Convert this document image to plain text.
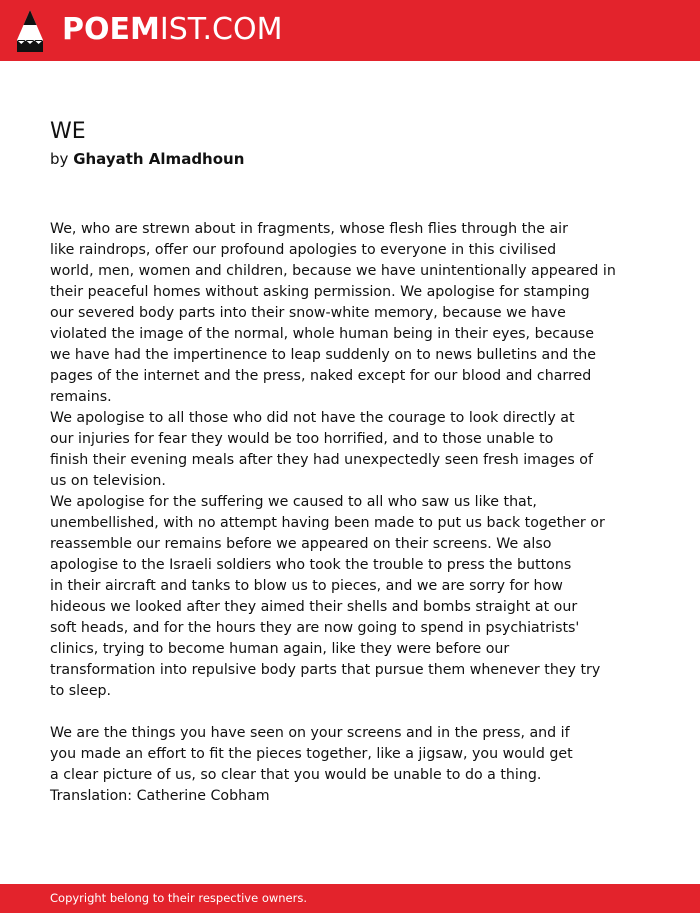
POEMIST.COM
WE
by Ghayath Almadhoun
We, who are strewn about in fragments, whose flesh flies through the air
like raindrops, offer our profound apologies to everyone in this civilised
world, men, women and children, because we have unintentionally appeared in
their peaceful homes without asking permission. We apologise for stamping
our severed body parts into their snow-white memory, because we have
violated the image of the normal, whole human being in their eyes, because
we have had the impertinence to leap suddenly on to news bulletins and the
pages of the internet and the press, naked except for our blood and charred
remains.
We apologise to all those who did not have the courage to look directly at
our injuries for fear they would be too horrified, and to those unable to
finish their evening meals after they had unexpectedly seen fresh images of
us on television.
We apologise for the suffering we caused to all who saw us like that,
unembellished, with no attempt having been made to put us back together or
reassemble our remains before we appeared on their screens. We also
apologise to the Israeli soldiers who took the trouble to press the buttons
in their aircraft and tanks to blow us to pieces, and we are sorry for how
hideous we looked after they aimed their shells and bombs straight at our
soft heads, and for the hours they are now going to spend in psychiatrists'
clinics, trying to become human again, like they were before our
transformation into repulsive body parts that pursue them whenever they try
to sleep.
We are the things you have seen on your screens and in the press, and if
you made an effort to fit the pieces together, like a jigsaw, you would get
a clear picture of us, so clear that you would be unable to do a thing.
Translation: Catherine Cobham
Copyright belong to their respective owners.
